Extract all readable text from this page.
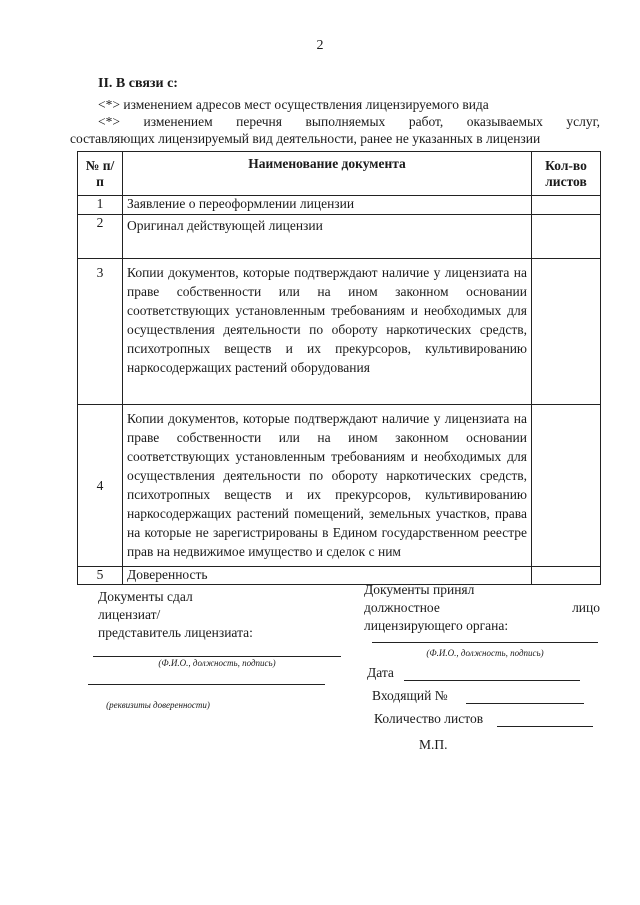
2
II. В связи с:
<*> изменением адресов мест осуществления лицензируемого вида
<*> изменением перечня выполняемых работ, оказываемых услуг,
составляющих лицензируемый вид деятельности, ранее не указанных в лицензии
№ п/п	Наименование документа	Кол-во листов
1	Заявление о переоформлении лицензии	
2	Оригинал действующей лицензии	
3	Копии документов, которые подтверждают наличие у лицензиата на праве собственности или на ином законном основании соответствующих установленным требованиям и необходимых для осуществления деятельности по обороту наркотических средств, психотропных веществ и их прекурсоров, культивированию наркосодержащих растений оборудования	

4	Копии документов, которые подтверждают наличие у лицензиата на праве собственности или на ином законном основании соответствующих установленным требованиям и необходимых для осуществления деятельности по обороту наркотических средств, психотропных веществ и их прекурсоров, культивированию наркосодержащих растений помещений, земельных участков, права на которые не зарегистрированы в Едином государственном реестре прав на недвижимое имущество и сделок с ним	

5	Доверенность	
Документы сдал
лицензиат/
представитель лицензиата:
(Ф.И.О., должность, подпись)
(реквизиты доверенности)
Документы принял
должностное	лицо
лицензирующего органа:
(Ф.И.О., должность, подпись)
Дата
Входящий №
Количество листов
М.П.
